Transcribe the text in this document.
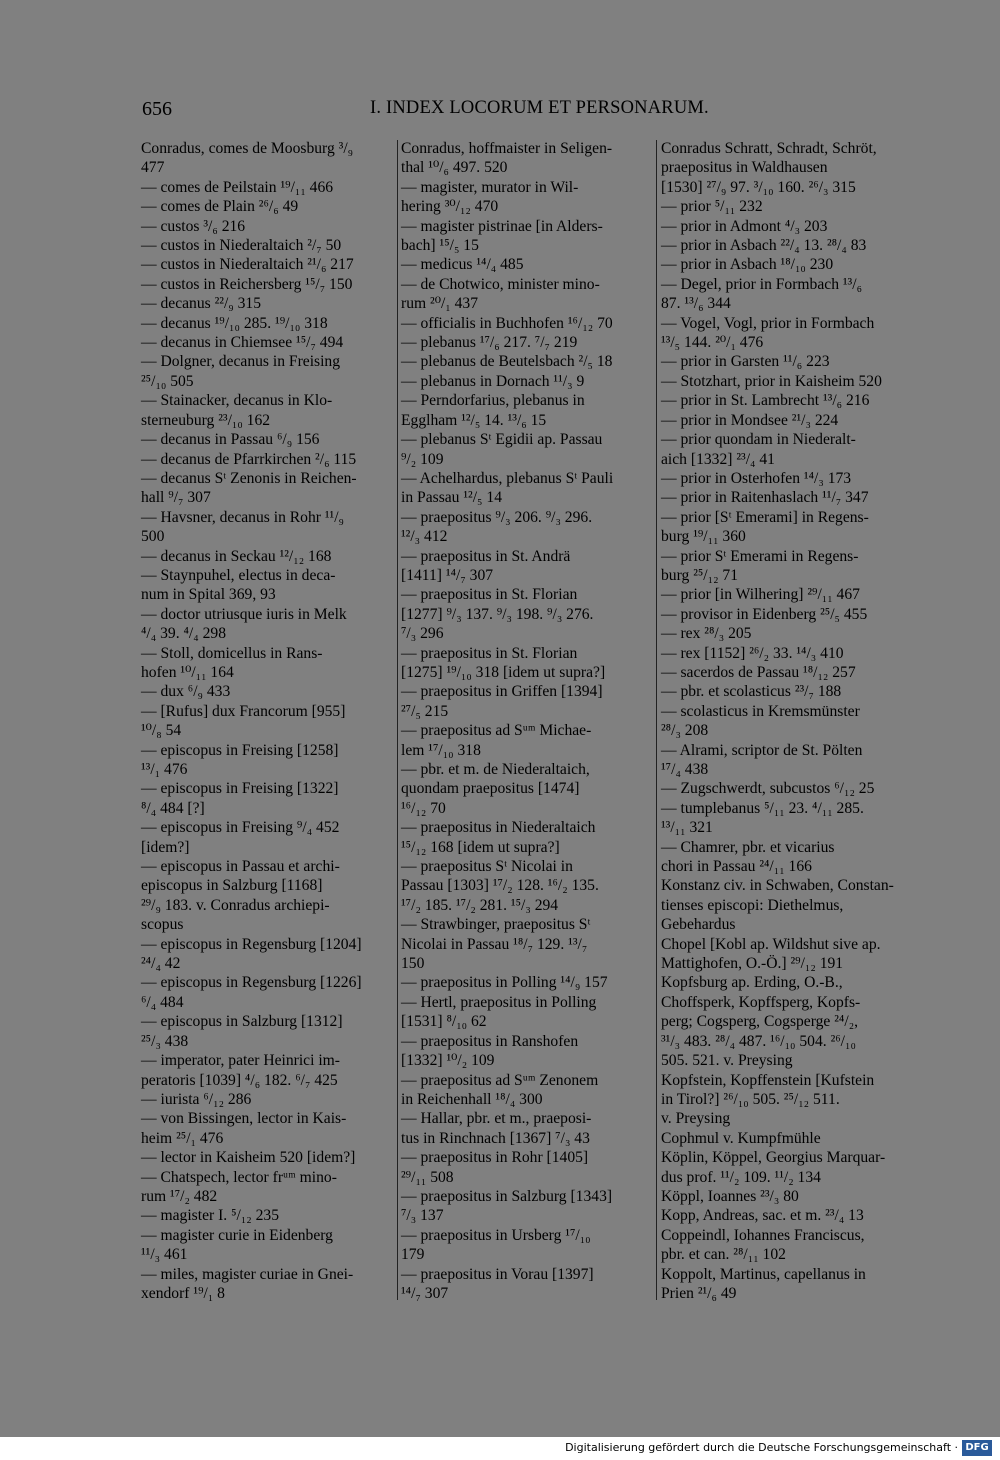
656	I. INDEX LOCORUM ET PERSONARUM.
Conradus, comes de Moosburg ³/₉
477
— comes de Peilstain ¹⁹/₁₁ 466
— comes de Plain ²⁶/₆ 49
— custos ³/₆ 216
— custos in Niederaltaich ²/₇ 50
— custos in Niederaltaich ²¹/₆ 217
— custos in Reichersberg ¹⁵/₇ 150
— decanus ²²/₉ 315
— decanus ¹⁹/₁₀ 285. ¹⁹/₁₀ 318
— decanus in Chiemsee ¹⁵/₇ 494
— Dolgner, decanus in Freising
²⁵/₁₀ 505
— Stainacker, decanus in Klo-
sterneuburg ²³/₁₀ 162
— decanus in Passau ⁶/₉ 156
— decanus de Pfarrkirchen ²/₆ 115
— decanus Sᵗ Zenonis in Reichen-
hall ⁹/₇ 307
— Havsner, decanus in Rohr ¹¹/₉
500
— decanus in Seckau ¹²/₁₂ 168
— Staynpuhel, electus in deca-
num in Spital 369, 93
— doctor utriusque iuris in Melk
⁴/₄ 39. ⁴/₄ 298
— Stoll, domicellus in Rans-
hofen ¹⁰/₁₁ 164
— dux ⁶/₉ 433
— [Rufus] dux Francorum [955]
¹⁰/₈ 54
— episcopus in Freising [1258]
¹³/₁ 476
— episcopus in Freising [1322]
⁸/₄ 484 [?]
— episcopus in Freising ⁹/₄ 452
[idem?]
— episcopus in Passau et archi-
episcopus in Salzburg [1168]
²⁹/₉ 183. v. Conradus archiepi-
scopus
— episcopus in Regensburg [1204]
²⁴/₄ 42
— episcopus in Regensburg [1226]
⁶/₄ 484
— episcopus in Salzburg [1312]
²⁵/₃ 438
— imperator, pater Heinrici im-
peratoris [1039] ⁴/₆ 182. ⁶/₇ 425
— iurista ⁶/₁₂ 286
— von Bissingen, lector in Kais-
heim ²⁵/₁ 476
— lector in Kaisheim 520 [idem?]
— Chatspech, lector frᵘᵐ mino-
rum ¹⁷/₂ 482
— magister I. ⁵/₁₂ 235
— magister curie in Eidenberg
¹¹/₃ 461
— miles, magister curiae in Gnei-
xendorf ¹⁹/₁ 8
Conradus, hoffmaister in Seligen-
thal ¹⁰/₆ 497. 520
— magister, murator in Wil-
hering ³⁰/₁₂ 470
— magister pistrinae [in Alders-
bach] ¹⁵/₅ 15
— medicus ¹⁴/₄ 485
— de Chotwico, minister mino-
rum ²⁰/₁ 437
— officialis in Buchhofen ¹⁶/₁₂ 70
— plebanus ¹⁷/₆ 217. ⁷/₇ 219
— plebanus de Beutelsbach ²/₅ 18
— plebanus in Dornach ¹¹/₃ 9
— Perndorfarius, plebanus in
Egglham ¹²/₅ 14. ¹³/₆ 15
— plebanus Sᵗ Egidii ap. Passau
⁹/₂ 109
— Achelhardus, plebanus Sᵗ Pauli
in Passau ¹²/₅ 14
— praepositus ⁹/₃ 206. ⁹/₃ 296.
¹²/₃ 412
— praepositus in St. Andrä
[1411] ¹⁴/₇ 307
— praepositus in St. Florian
[1277] ⁹/₃ 137. ⁹/₃ 198. ⁹/₃ 276.
⁷/₃ 296
— praepositus in St. Florian
[1275] ¹⁹/₁₀ 318 [idem ut supra?]
— praepositus in Griffen [1394]
²⁷/₅ 215
— praepositus ad Sᵘᵐ Michae-
lem ¹⁷/₁₀ 318
— pbr. et m. de Niederaltaich,
quondam praepositus [1474]
¹⁶/₁₂ 70
— praepositus in Niederaltaich
¹⁵/₁₂ 168 [idem ut supra?]
— praepositus Sᵗ Nicolai in
Passau [1303] ¹⁷/₂ 128. ¹⁶/₂ 135.
¹⁷/₂ 185. ¹⁷/₂ 281. ¹⁵/₃ 294
— Strawbinger, praepositus Sᵗ
Nicolai in Passau ¹⁸/₇ 129. ¹³/₇
150
— praepositus in Polling ¹⁴/₉ 157
— Hertl, praepositus in Polling
[1531] ⁸/₁₀ 62
— praepositus in Ranshofen
[1332] ¹⁰/₂ 109
— praepositus ad Sᵘᵐ Zenonem
in Reichenhall ¹⁸/₄ 300
— Hallar, pbr. et m., praeposi-
tus in Rinchnach [1367] ⁷/₃ 43
— praepositus in Rohr [1405]
²⁹/₁₁ 508
— praepositus in Salzburg [1343]
⁷/₃ 137
— praepositus in Ursberg ¹⁷/₁₀
179
— praepositus in Vorau [1397]
¹⁴/₇ 307
Conradus Schratt, Schradt, Schröt,
praepositus in Waldhausen
[1530] ²⁷/₉ 97. ³/₁₀ 160. ²⁶/₃ 315
— prior ⁵/₁₁ 232
— prior in Admont ⁴/₃ 203
— prior in Asbach ²²/₄ 13. ²⁸/₄ 83
— prior in Asbach ¹⁸/₁₀ 230
— Degel, prior in Formbach ¹³/₆
87. ¹³/₆ 344
— Vogel, Vogl, prior in Formbach
¹³/₅ 144. ²⁰/₁ 476
— prior in Garsten ¹¹/₆ 223
— Stotzhart, prior in Kaisheim 520
— prior in St. Lambrecht ¹³/₆ 216
— prior in Mondsee ²¹/₃ 224
— prior quondam in Niederalt-
aich [1332] ²³/₄ 41
— prior in Osterhofen ¹⁴/₃ 173
— prior in Raitenhaslach ¹¹/₇ 347
— prior [Sᵗ Emerami] in Regens-
burg ¹⁹/₁₁ 360
— prior Sᵗ Emerami in Regens-
burg ²⁵/₁₂ 71
— prior [in Wilhering] ²⁹/₁₁ 467
— provisor in Eidenberg ²⁵/₅ 455
— rex ²⁸/₃ 205
— rex [1152] ²⁶/₂ 33. ¹⁴/₃ 410
— sacerdos de Passau ¹⁸/₁₂ 257
— pbr. et scolasticus ²³/₇ 188
— scolasticus in Kremsmünster
²⁸/₃ 208
— Alrami, scriptor de St. Pölten
¹⁷/₄ 438
— Zugschwerdt, subcustos ⁶/₁₂ 25
— tumplebanus ⁵/₁₁ 23. ⁴/₁₁ 285.
¹³/₁₁ 321
— Chamrer, pbr. et vicarius
chori in Passau ²⁴/₁₁ 166
Konstanz civ. in Schwaben, Constan-
tienses episcopi: Diethelmus,
Gebehardus
Chopel [Kobl ap. Wildshut sive ap.
Mattighofen, O.-Ö.] ²⁹/₁₂ 191
Kopfsburg ap. Erding, O.-B.,
Choffsperk, Kopffsperg, Kopfs-
perg; Cogsperg, Cogsperge ²⁴/₂,
³¹/₃ 483. ²⁸/₄ 487. ¹⁶/₁₀ 504. ²⁶/₁₀
505. 521. v. Preysing
Kopfstein, Kopffenstein [Kufstein
in Tirol?] ²⁶/₁₀ 505. ²⁵/₁₂ 511.
v. Preysing
Cophmul v. Kumpfmühle
Köplin, Köppel, Georgius Marquar-
dus prof. ¹¹/₂ 109. ¹¹/₂ 134
Köppl, Ioannes ²³/₃ 80
Kopp, Andreas, sac. et m. ²³/₄ 13
Coppeindl, Iohannes Franciscus,
pbr. et can. ²⁸/₁₁ 102
Koppolt, Martinus, capellanus in
Prien ²¹/₆ 49
Digitalisierung gefördert durch die Deutsche Forschungsgemeinschaft · DFG
